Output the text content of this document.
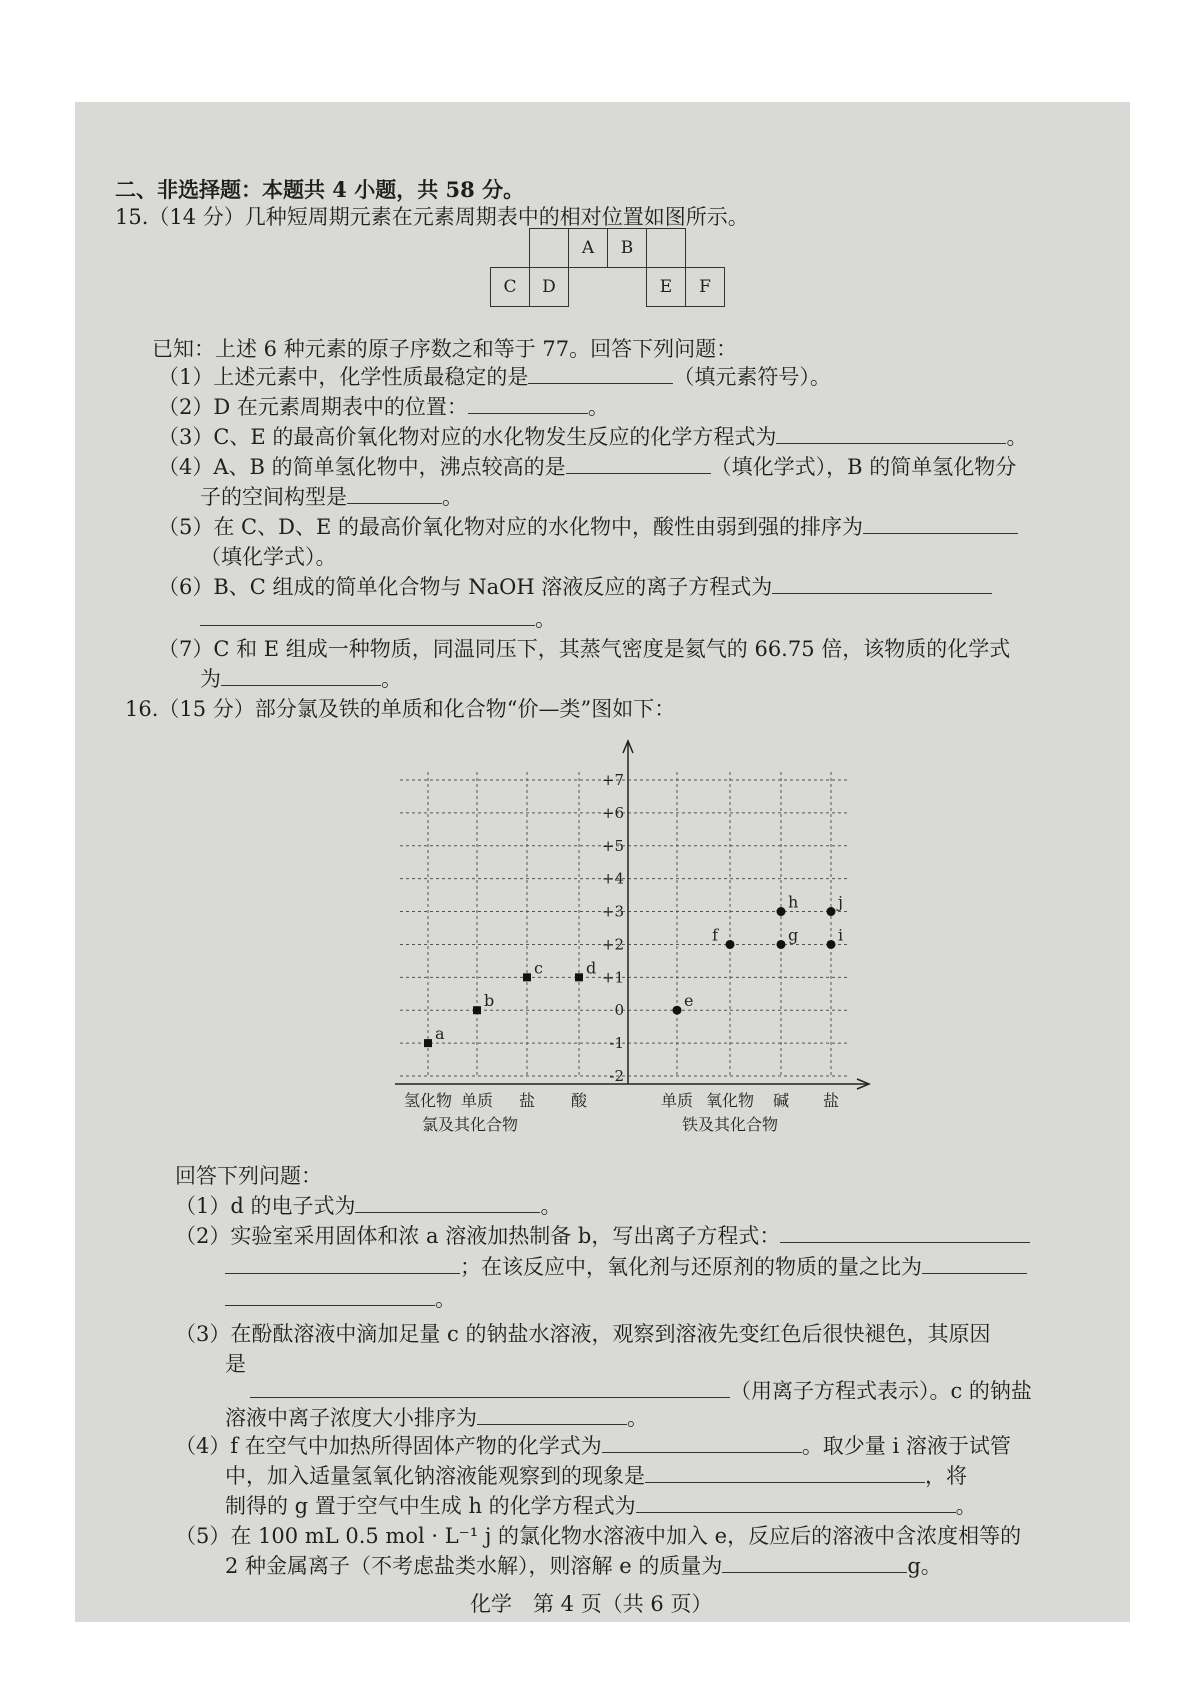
二、非选择题：本题共 4 小题，共 58 分。
15.（14 分）几种短周期元素在元素周期表中的相对位置如图所示。
		A	B		
C	D			E	F
已知：上述 6 种元素的原子序数之和等于 77。回答下列问题：
（1）上述元素中，化学性质最稳定的是	（填元素符号）。
（2）D 在元素周期表中的位置：	。
（3）C、E 的最高价氧化物对应的水化物发生反应的化学方程式为	。
（4）A、B 的简单氢化物中，沸点较高的是	（填化学式），B 的简单氢化物分
子的空间构型是	。
（5）在 C、D、E 的最高价氧化物对应的水化物中，酸性由弱到强的排序为
（填化学式）。
（6）B、C 组成的简单化合物与 NaOH 溶液反应的离子方程式为
。
（7）C 和 E 组成一种物质，同温同压下，其蒸气密度是氦气的 66.75 倍，该物质的化学式
为	。
16.（15 分）部分氯及铁的单质和化合物“价—类”图如下：
+7
+6
+5
+4
+3
+2
+1
0
-1
-2
氢化物 单质 盐 酸	单质 氧化物 碱 盐
氯及其化合物	铁及其化合物
a
b
c	d
e
f	g
h
i
j
回答下列问题：
（1）d 的电子式为	。
（2）实验室采用固体和浓 a 溶液加热制备 b，写出离子方程式：
；在该反应中，氧化剂与还原剂的物质的量之比为
。
（3）在酚酞溶液中滴加足量 c 的钠盐水溶液，观察到溶液先变红色后很快褪色，其原因
是
（用离子方程式表示）。c 的钠盐
溶液中离子浓度大小排序为	。
（4）f 在空气中加热所得固体产物的化学式为	。取少量 i 溶液于试管
中，加入适量氢氧化钠溶液能观察到的现象是	，将
制得的 g 置于空气中生成 h 的化学方程式为	。
（5）在 100 mL 0.5 mol · L⁻¹ j 的氯化物水溶液中加入 e，反应后的溶液中含浓度相等的
2 种金属离子（不考虑盐类水解），则溶解 e 的质量为	g。
化学　第 4 页（共 6 页）
